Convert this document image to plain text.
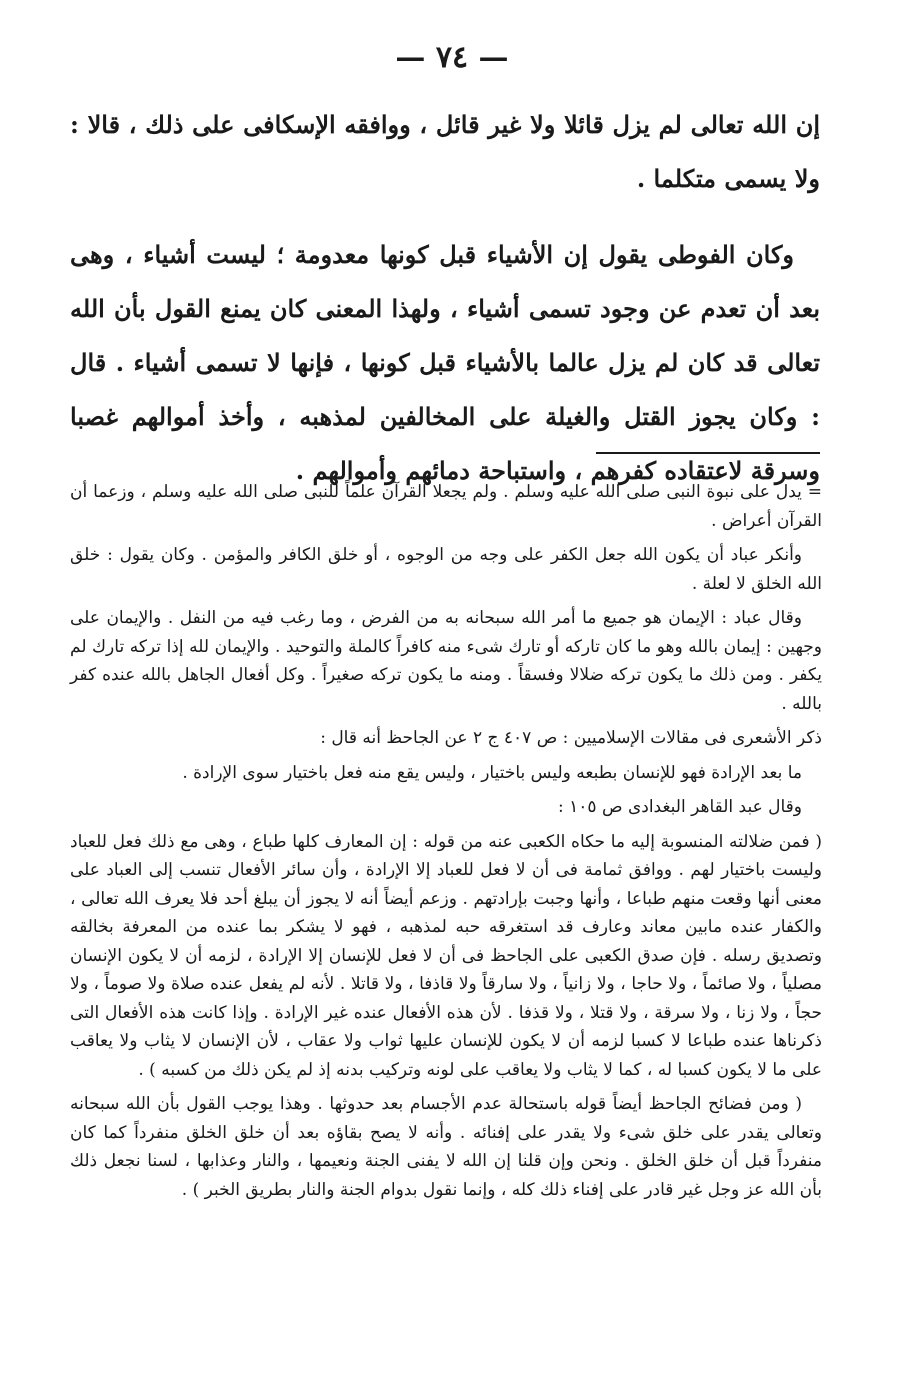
— ٧٤ —

إن الله تعالى لم يزل قائلا ولا غير قائل ، ووافقه الإسكافى على ذلك ، قالا : ولا يسمى متكلما .

وكان الفوطى يقول إن الأشياء قبل كونها معدومة ؛ ليست أشياء ، وهى بعد أن تعدم عن وجود تسمى أشياء ، ولهذا المعنى كان يمنع القول بأن الله تعالى قد كان لم يزل عالما بالأشياء قبل كونها ، فإنها لا تسمى أشياء . قال : وكان يجوز القتل والغيلة على المخالفين لمذهبه ، وأخذ أموالهم غصبا وسرقة لاعتقاده كفرهم ، واستباحة دمائهم وأموالهم .

= يدل على نبوة النبى صلى الله عليه وسلم . ولم يجعلا القرآن علماً للنبى صلى الله عليه وسلم ، وزعما أن القرآن أعراض .

وأنكر عباد أن يكون الله جعل الكفر على وجه من الوجوه ، أو خلق الكافر والمؤمن . وكان يقول : خلق الله الخلق لا لعلة .

وقال عباد : الإيمان هو جميع ما أمر الله سبحانه به من الفرض ، وما رغب فيه من النفل . والإيمان على وجهين : إيمان بالله وهو ما كان تاركه أو تارك شىء منه كافراً كالملة والتوحيد . والإيمان لله إذا تركه تارك لم يكفر . ومن ذلك ما يكون تركه ضلالا وفسقاً . ومنه ما يكون تركه صغيراً . وكل أفعال الجاهل بالله عنده كفر بالله .

ذكر الأشعرى فى مقالات الإسلاميين : ص ٤٠٧ ج ٢ عن الجاحظ أنه قال :

ما بعد الإرادة فهو للإنسان بطبعه وليس باختيار ، وليس يقع منه فعل باختيار سوى الإرادة .

وقال عبد القاهر البغدادى ص ١٠٥ :

( فمن ضلالته المنسوبة إليه ما حكاه الكعبى عنه من قوله : إن المعارف كلها طباع ، وهى مع ذلك فعل للعباد وليست باختيار لهم . ووافق ثمامة فى أن لا فعل للعباد إلا الإرادة ، وأن سائر الأفعال تنسب إلى العباد على معنى أنها وقعت منهم طباعا ، وأنها وجبت بإرادتهم . وزعم أيضاً أنه لا يجوز أن يبلغ أحد فلا يعرف الله تعالى ، والكفار عنده مابين معاند وعارف قد استغرقه حبه لمذهبه ، فهو لا يشكر بما عنده من المعرفة بخالقه وتصديق رسله . فإن صدق الكعبى على الجاحظ فى أن لا فعل للإنسان إلا الإرادة ، لزمه أن لا يكون الإنسان مصلياً ، ولا صائماً ، ولا حاجا ، ولا زانياً ، ولا سارقاً ولا قاذفا ، ولا قاتلا . لأنه لم يفعل عنده صلاة ولا صوماً ، ولا حجاً ، ولا زنا ، ولا سرقة ، ولا قتلا ، ولا قذفا . لأن هذه الأفعال عنده غير الإرادة . وإذا كانت هذه الأفعال التى ذكرناها عنده طباعا لا كسبا لزمه أن لا يكون للإنسان عليها ثواب ولا عقاب ، لأن الإنسان لا يثاب ولا يعاقب على ما لا يكون كسبا له ، كما لا يثاب ولا يعاقب على لونه وتركيب بدنه إذ لم يكن ذلك من كسبه ) .

( ومن فضائح الجاحظ أيضاً قوله باستحالة عدم الأجسام بعد حدوثها . وهذا يوجب القول بأن الله سبحانه وتعالى يقدر على خلق شىء ولا يقدر على إفنائه . وأنه لا يصح بقاؤه بعد أن خلق الخلق منفرداً كما كان منفرداً قبل أن خلق الخلق . ونحن وإن قلنا إن الله لا يفنى الجنة ونعيمها ، والنار وعذابها ، لسنا نجعل ذلك بأن الله عز وجل غير قادر على إفناء ذلك كله ، وإنما نقول بدوام الجنة والنار بطريق الخبر ) .
